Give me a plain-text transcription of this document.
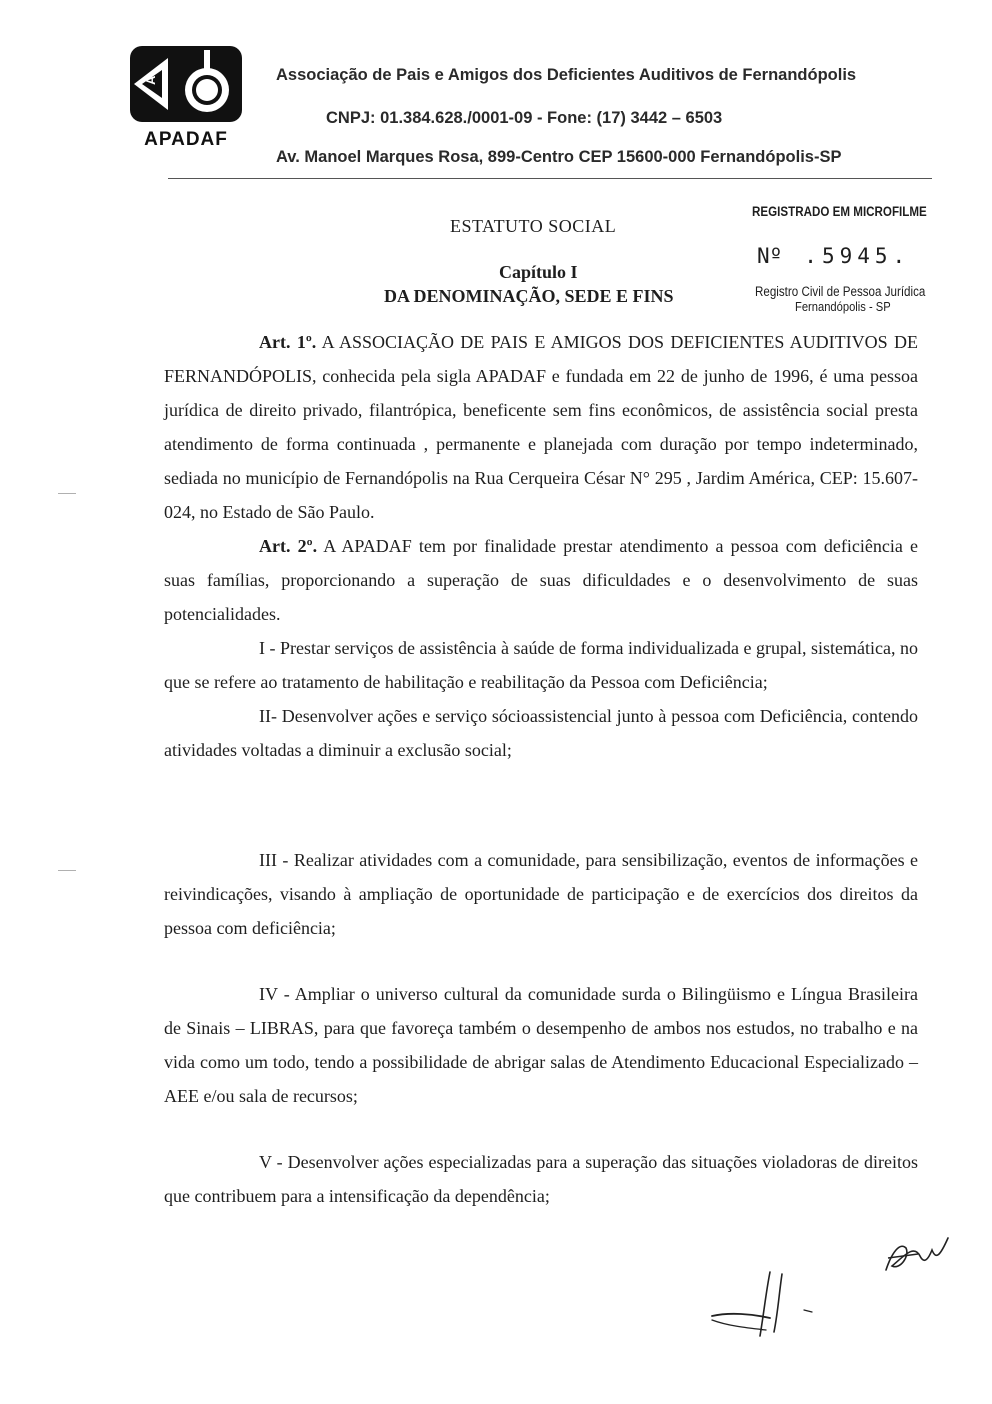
A
APADAF
Associação de Pais e Amigos dos Deficientes Auditivos de Fernandópolis
CNPJ: 01.384.628./0001-09 - Fone: (17) 3442 – 6503
Av. Manoel Marques Rosa, 899-Centro CEP 15600-000 Fernandópolis-SP
REGISTRADO EM MICROFILME
Nº .5945.
Registro Civil de Pessoa Jurídica
Fernandópolis - SP
ESTATUTO SOCIAL
Capítulo I
DA DENOMINAÇÃO, SEDE E FINS

Art. 1º. A ASSOCIAÇÃO DE PAIS E AMIGOS DOS DEFICIENTES AUDITIVOS DE FERNANDÓPOLIS, conhecida pela sigla APADAF e fundada em 22 de junho de 1996, é uma pessoa jurídica de direito privado, filantrópica, beneficente sem fins econômicos, de assistência social presta atendimento de forma continuada , permanente e planejada com duração por tempo indeterminado, sediada no município de Fernandópolis na Rua Cerqueira César N° 295 , Jardim América, CEP: 15.607-024, no Estado de São Paulo.

Art. 2º. A APADAF tem por finalidade prestar atendimento a pessoa com deficiência e suas famílias, proporcionando a superação de suas dificuldades e o desenvolvimento de suas potencialidades.

I - Prestar serviços de assistência à saúde de forma individualizada e grupal, sistemática, no que se refere ao tratamento de habilitação e reabilitação da Pessoa com Deficiência;

II- Desenvolver ações e serviço sócioassistencial junto à pessoa com Deficiência, contendo atividades voltadas a diminuir a exclusão social;

III - Realizar atividades com a comunidade, para sensibilização, eventos de informações e reivindicações, visando à ampliação de oportunidade de participação e de exercícios dos direitos da pessoa com deficiência;

IV - Ampliar o universo cultural da comunidade surda o Bilingüismo e Língua Brasileira de Sinais – LIBRAS, para que favoreça também o desempenho de ambos nos estudos, no trabalho e na vida como um todo, tendo a possibilidade de abrigar salas de Atendimento Educacional Especializado – AEE e/ou sala de recursos;

V - Desenvolver ações especializadas para a superação das situações violadoras de direitos que contribuem para a intensificação da dependência;
